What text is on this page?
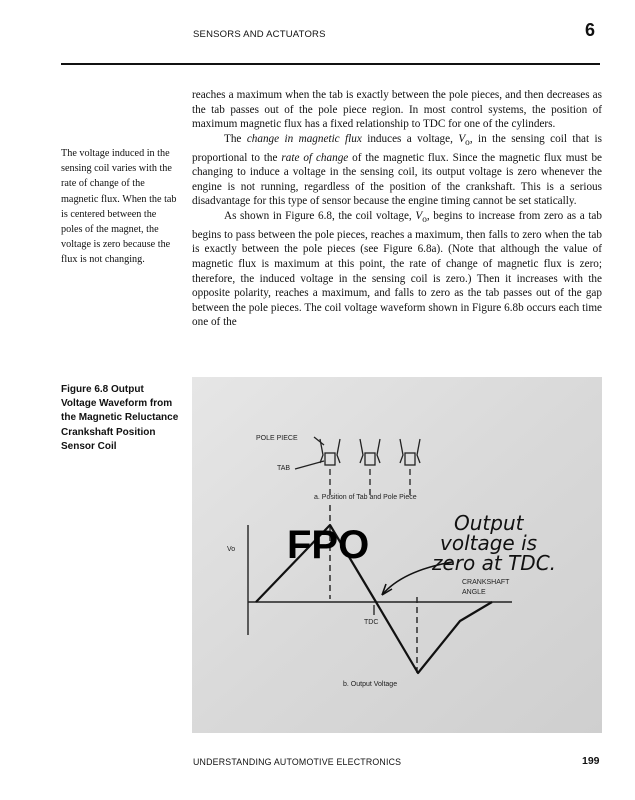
SENSORS AND ACTUATORS	6

reaches a maximum when the tab is exactly between the pole pieces, and then decreases as the tab passes out of the pole piece region. In most control systems, the position of maximum magnetic flux has a fixed relationship to TDC for one of the cylinders.

The change in magnetic flux induces a voltage, $V_o$, in the sensing coil that is proportional to the rate of change of the magnetic flux. Since the magnetic flux must be changing to induce a voltage in the sensing coil, its output voltage is zero whenever the engine is not running, regardless of the position of the crankshaft. This is a serious disadvantage for this type of sensor because the engine timing cannot be set statically.

As shown in Figure 6.8, the coil voltage, $V_o$, begins to increase from zero as a tab begins to pass between the pole pieces, reaches a maximum, then falls to zero when the tab is exactly between the pole pieces (see Figure 6.8a). (Note that although the value of magnetic flux is maximum at this point, the rate of change of magnetic flux is zero; therefore, the induced voltage in the sensing coil is zero.) Then it increases with the opposite polarity, reaches a maximum, and falls to zero as the tab passes out of the gap between the pole pieces. The coil voltage waveform shown in Figure 6.8b occurs each time one of the

The voltage induced in the sensing coil varies with the rate of change of the magnetic flux. When the tab is centered between the poles of the magnet, the voltage is zero because the flux is not changing.
Figure 6.8 Output Voltage Waveform from the Magnetic Reluctance Crankshaft Position Sensor Coil
POLE PIECE
TAB
a. Position of Tab and Pole Piece
Vo
TDC
CRANKSHAFT
ANGLE
b. Output Voltage
FPO	Output
voltage is
zero at TDC.
UNDERSTANDING AUTOMOTIVE ELECTRONICS	199
